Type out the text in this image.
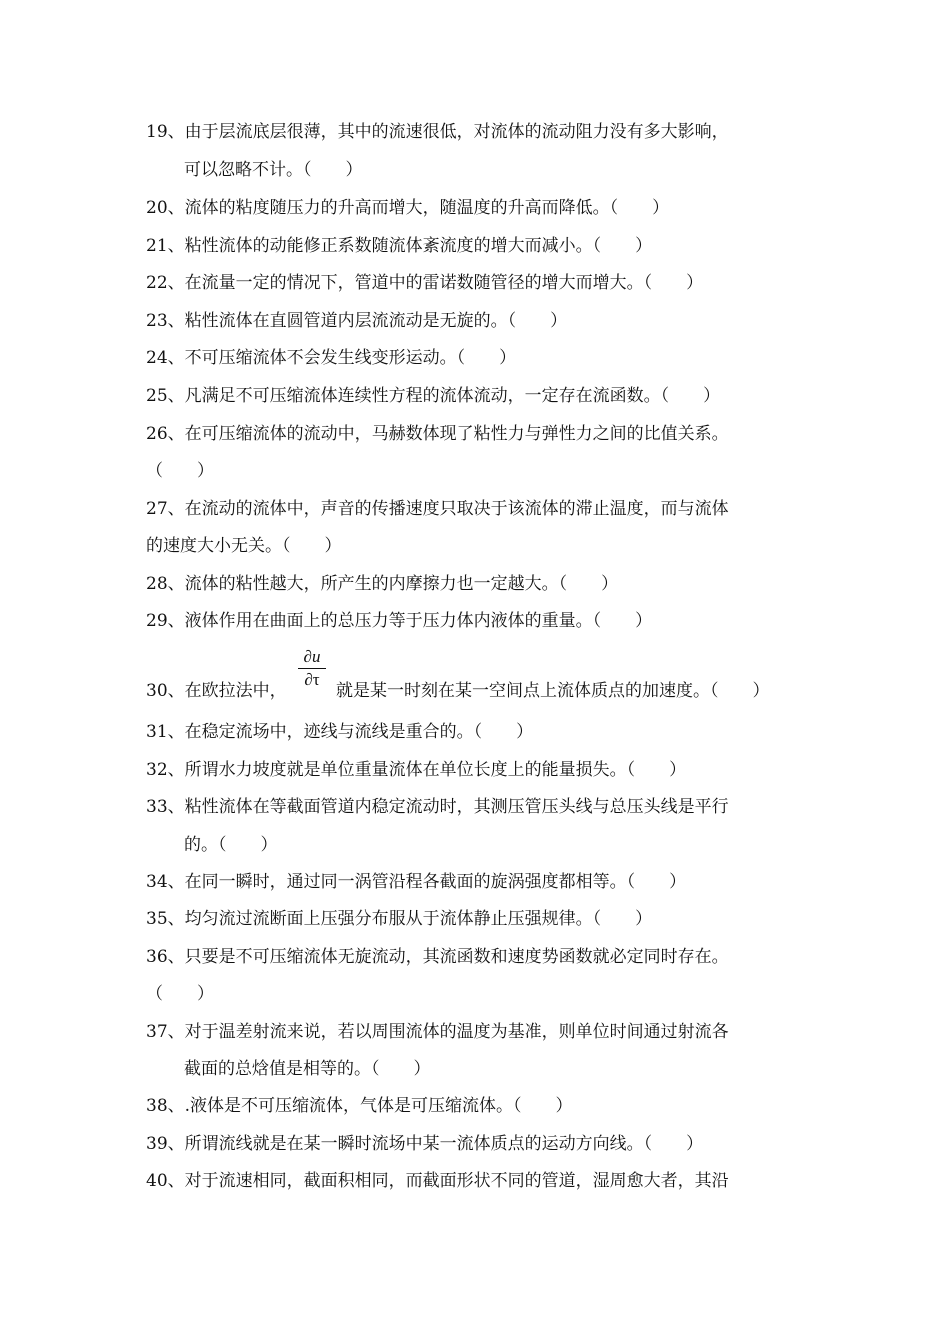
19、由于层流底层很薄，其中的流速很低，对流体的流动阻力没有多大影响，
可以忽略不计。（　　）
20、流体的粘度随压力的升高而增大，随温度的升高而降低。（　　）
21、粘性流体的动能修正系数随流体紊流度的增大而减小。（　　）
22、在流量一定的情况下，管道中的雷诺数随管径的增大而增大。（　　）
23、粘性流体在直圆管道内层流流动是无旋的。（　　）
24、不可压缩流体不会发生线变形运动。（　　）
25、凡满足不可压缩流体连续性方程的流体流动，一定存在流函数。（　　）
26、在可压缩流体的流动中，马赫数体现了粘性力与弹性力之间的比值关系。
（　　）
27、在流动的流体中，声音的传播速度只取决于该流体的滞止温度，而与流体
的速度大小无关。（　　）
28、流体的粘性越大，所产生的内摩擦力也一定越大。（　　）
29、液体作用在曲面上的总压力等于压力体内液体的重量。（　　）
30、在欧拉法中，
∂u
∂τ
就是某一时刻在某一空间点上流体质点的加速度。（　　）
31、在稳定流场中，迹线与流线是重合的。（　　）
32、所谓水力坡度就是单位重量流体在单位长度上的能量损失。（　　）
33、粘性流体在等截面管道内稳定流动时，其测压管压头线与总压头线是平行
的。（　　）
34、在同一瞬时，通过同一涡管沿程各截面的旋涡强度都相等。（　　）
35、均匀流过流断面上压强分布服从于流体静止压强规律。（　　）
36、只要是不可压缩流体无旋流动，其流函数和速度势函数就必定同时存在。
（　　）
37、对于温差射流来说，若以周围流体的温度为基准，则单位时间通过射流各
截面的总焓值是相等的。（　　）
38、.液体是不可压缩流体，气体是可压缩流体。（　　）
39、所谓流线就是在某一瞬时流场中某一流体质点的运动方向线。（　　）
40、对于流速相同，截面积相同，而截面形状不同的管道，湿周愈大者，其沿
